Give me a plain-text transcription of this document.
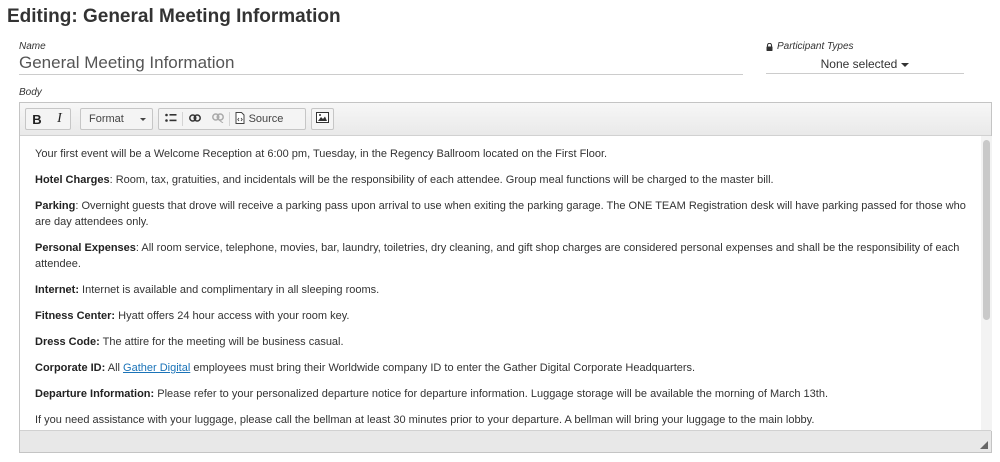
Editing: General Meeting Information
Name
General Meeting Information
Participant Types
None selected
Body
B I Format	Source

Your first event will be a Welcome Reception at 6:00 pm, Tuesday, in the Regency Ballroom located on the First Floor.

Hotel Charges: Room, tax, gratuities, and incidentals will be the responsibility of each attendee. Group meal functions will be charged to the master bill.

Parking: Overnight guests that drove will receive a parking pass upon arrival to use when exiting the parking garage. The ONE TEAM Registration desk will have parking passed for those who are day attendees only.

Personal Expenses: All room service, telephone, movies, bar, laundry, toiletries, dry cleaning, and gift shop charges are considered personal expenses and shall be the responsibility of each attendee.

Internet: Internet is available and complimentary in all sleeping rooms.

Fitness Center: Hyatt offers 24 hour access with your room key.

Dress Code: The attire for the meeting will be business casual.

Corporate ID: All Gather Digital employees must bring their Worldwide company ID to enter the Gather Digital Corporate Headquarters.

Departure Information: Please refer to your personalized departure notice for departure information. Luggage storage will be available the morning of March 13th.

If you need assistance with your luggage, please call the bellman at least 30 minutes prior to your departure. A bellman will bring your luggage to the main lobby.
